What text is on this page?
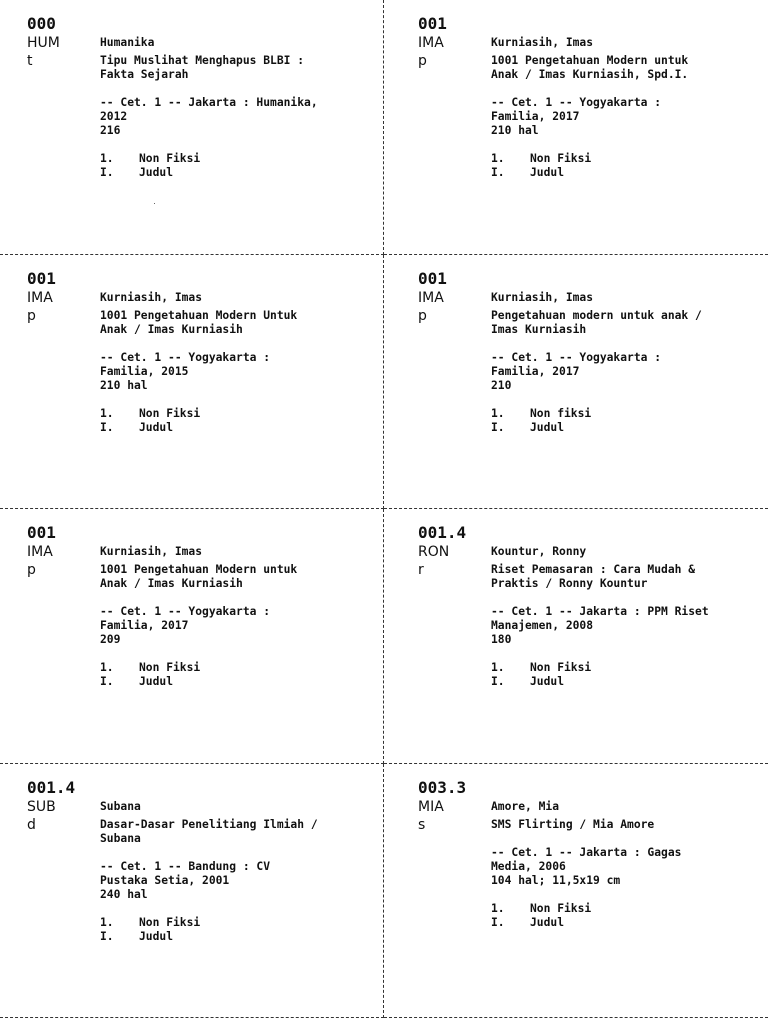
000
HUM
t

Humanika

Tipu Muslihat Menghapus BLBI :
Fakta Sejarah

-- Cet. 1 -- Jakarta : Humanika,
2012
216

1.	Non Fiksi
I.	Judul
001
IMA
p

Kurniasih, Imas

1001 Pengetahuan Modern untuk
Anak / Imas Kurniasih, Spd.I.

-- Cet. 1 -- Yogyakarta :
Familia, 2017
210 hal

1.	Non Fiksi
I.	Judul
001
IMA
p

Kurniasih, Imas

1001 Pengetahuan Modern Untuk
Anak / Imas Kurniasih

-- Cet. 1 -- Yogyakarta :
Familia, 2015
210 hal

1.	Non Fiksi
I.	Judul
001
IMA
p

Kurniasih, Imas

Pengetahuan modern untuk anak /
Imas Kurniasih

-- Cet. 1 -- Yogyakarta :
Familia, 2017
210

1.	Non fiksi
I.	Judul
001
IMA
p

Kurniasih, Imas

1001 Pengetahuan Modern untuk
Anak / Imas Kurniasih

-- Cet. 1 -- Yogyakarta :
Familia, 2017
209

1.	Non Fiksi
I.	Judul
001.4
RON
r

Kountur, Ronny

Riset Pemasaran : Cara Mudah &
Praktis / Ronny Kountur

-- Cet. 1 -- Jakarta : PPM Riset
Manajemen, 2008
180

1.	Non Fiksi
I.	Judul
001.4
SUB
d

Subana

Dasar-Dasar Penelitiang Ilmiah /
Subana

-- Cet. 1 -- Bandung : CV
Pustaka Setia, 2001
240 hal

1.	Non Fiksi
I.	Judul
003.3
MIA
s

Amore, Mia

SMS Flirting / Mia Amore

-- Cet. 1 -- Jakarta : Gagas
Media, 2006
104 hal; 11,5x19 cm

1.	Non Fiksi
I.	Judul
